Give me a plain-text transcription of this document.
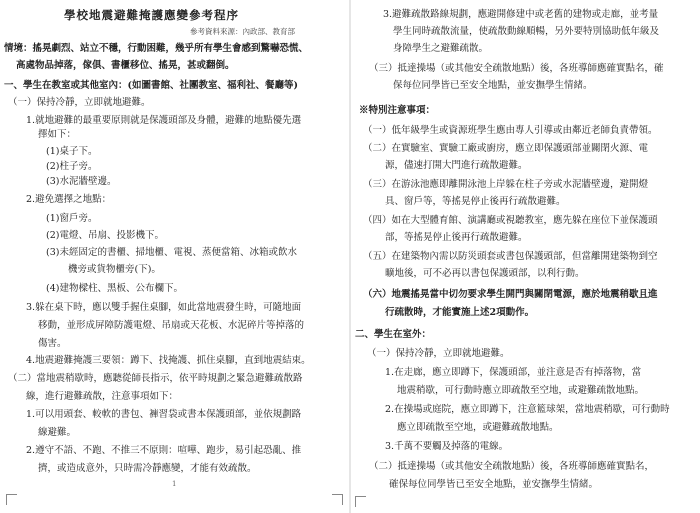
學校地震避難掩護應變參考程序
參考資料來源：內政部、教育部
情境：搖晃劇烈、站立不穩，行動困難，幾乎所有學生會感到驚嚇恐慌、
高處物品掉落，傢俱、書櫃移位、搖晃，甚或翻倒。
一、學生在教室或其他室內：(如圖書館、社團教室、福利社、餐廳等)
（一）保持冷靜，立即就地避難。
1.就地避難的最重要原則就是保護頭部及身體，避難的地點優先選
擇如下：
(1)桌子下。
(2)柱子旁。
(3)水泥牆壁邊。
2.避免選擇之地點：
(1)窗戶旁。
(2)電燈、吊扇、投影機下。
(3)未經固定的書櫃、掃地櫃、電視、蒸便當箱、冰箱或飲水
機旁或貨物櫃旁(下)。
(4)建物樑柱、黑板、公布欄下。
3.躲在桌下時，應以雙手握住桌腳，如此當地震發生時，可隨地面
移動，並形成屏障防護電燈、吊扇或天花板、水泥碎片等掉落的
傷害。
4.地震避難掩護三要領：蹲下、找掩護、抓住桌腳，直到地震結束。
（二）當地震稍歇時，應聽從師長指示，依平時規劃之緊急避難疏散路
線，進行避難疏散，注意事項如下：
1.可以用頭套、較軟的書包、褲習袋或書本保護頭部，並依規劃路
線避難。
2.遵守不語、不跑、不推三不原則：喧嘩、跑步，易引起恐亂、推
擠，或造成意外，只時需冷靜應變，才能有效疏散。
1
3.避難疏散路線規劃，應避開修建中或老舊的建物或走廊，並考量
學生同時疏散流量，使疏散動線順暢，另外要特別協助低年級及
身障學生之避難疏散。
（三）抵達操場（或其他安全疏散地點）後，各班導師應確實點名，確
保每位同學皆已至安全地點，並安撫學生情緒。
※特別注意事項：
（一）低年級學生或資源班學生應由專人引導或由鄰近老師負責帶領。
（二）在實驗室、實驗工廠或廚房，應立即保護頭部並關閉火源、電
源，儘速打開大門進行疏散避難。
（三）在游泳池應即離開泳池上岸躲在柱子旁或水泥牆壁邊，避開燈
具、窗戶等，等搖晃停止後再行疏散避難。
（四）如在大型體育館、演講廳或視聽教室，應先躲在座位下並保護頭
部，等搖晃停止後再行疏散避難。
（五）在建築物內需以防災頭套或書包保護頭部，但當離開建築物到空
曠地後，可不必再以書包保護頭部，以利行動。
（六）地震搖晃當中切勿要求學生開門與關閉電源，應於地震稍歇且進
行疏散時，才能實施上述2項動作。
二、學生在室外：
（一）保持冷靜，立即就地避難。
1.在走廊，應立即蹲下，保護頭部，並注意是否有掉落物，當
地震稍歇，可行動時應立即疏散至空地，或避難疏散地點。
2.在操場或庭院，應立即蹲下，注意籃球架，當地震稍歇，可行動時
應立即疏散至空地，或避難疏散地點。
3.千萬不要觸及掉落的電線。
（二）抵達操場（或其他安全疏散地點）後，各班導師應確實點名，
確保每位同學皆已至安全地點，並安撫學生情緒。
